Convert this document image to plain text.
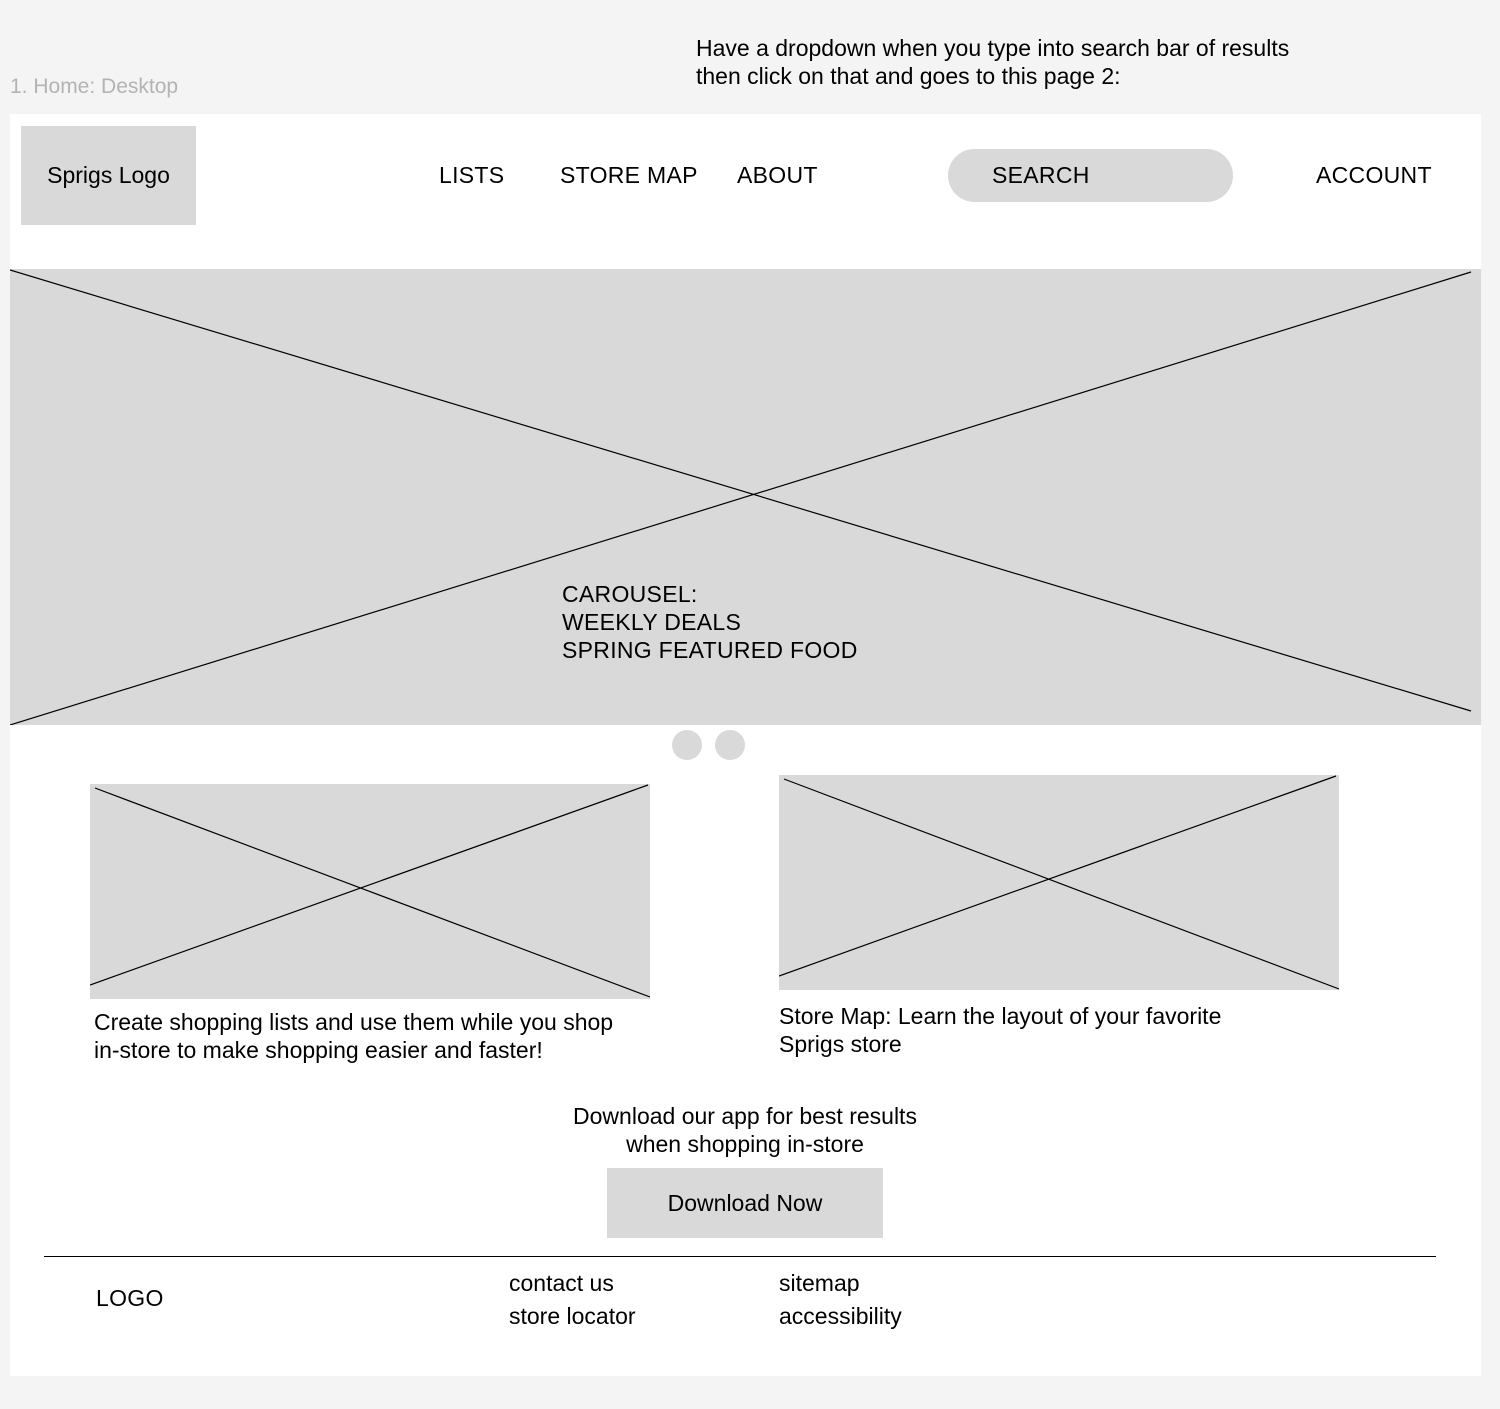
1. Home: Desktop
Have a dropdown when you type into search bar of results
then click on that and goes to this page 2:
Sprigs Logo	LISTS STORE MAP ABOUT
SEARCH	ACCOUNT
CAROUSEL:
WEEKLY DEALS
SPRING FEATURED FOOD
Create shopping lists and use them while you shop
in-store to make shopping easier and faster!
Store Map: Learn the layout of your favorite
Sprigs store
Download our app for best results
when shopping in-store
Download Now
LOGO
contact us
store locator
sitemap
accessibility
